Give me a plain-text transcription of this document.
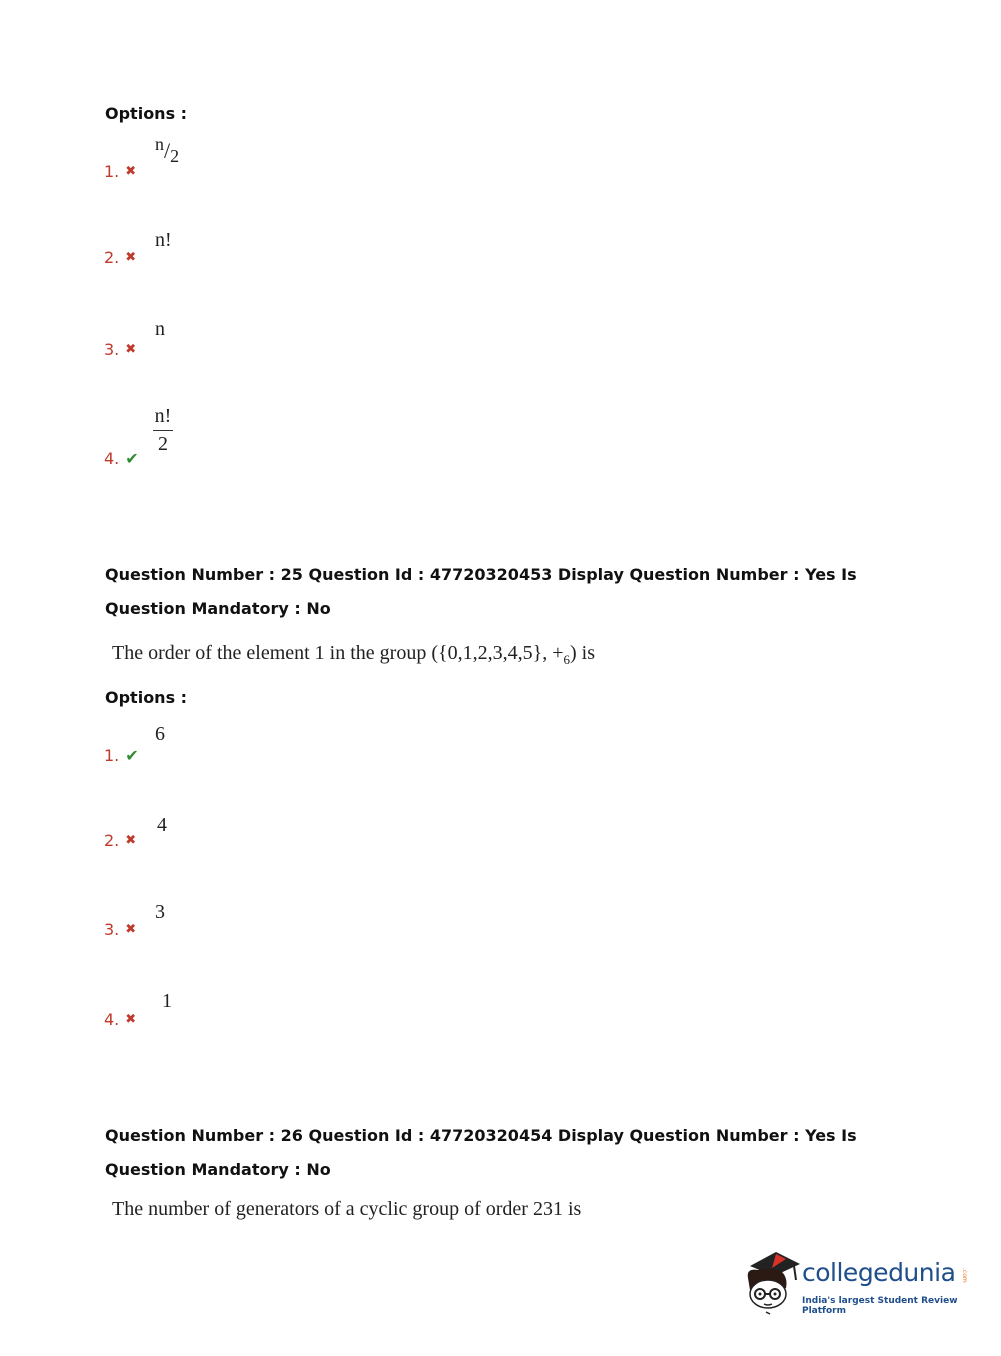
Options :
1. ✖
n/2
2. ✖
n!
3. ✖
n
4. ✔
$\frac{n!}{2}$
Question Number : 25 Question Id : 47720320453 Display Question Number : Yes Is Question Mandatory : No
The order of the element 1 in the group ({0,1,2,3,4,5}, $+_6$) is
Options :
1. ✔
6
2. ✖
4
3. ✖
3
4. ✖
1
Question Number : 26 Question Id : 47720320454 Display Question Number : Yes Is Question Mandatory : No
The number of generators of a cyclic group of order 231 is
collegedunia .com
India's largest Student Review Platform
